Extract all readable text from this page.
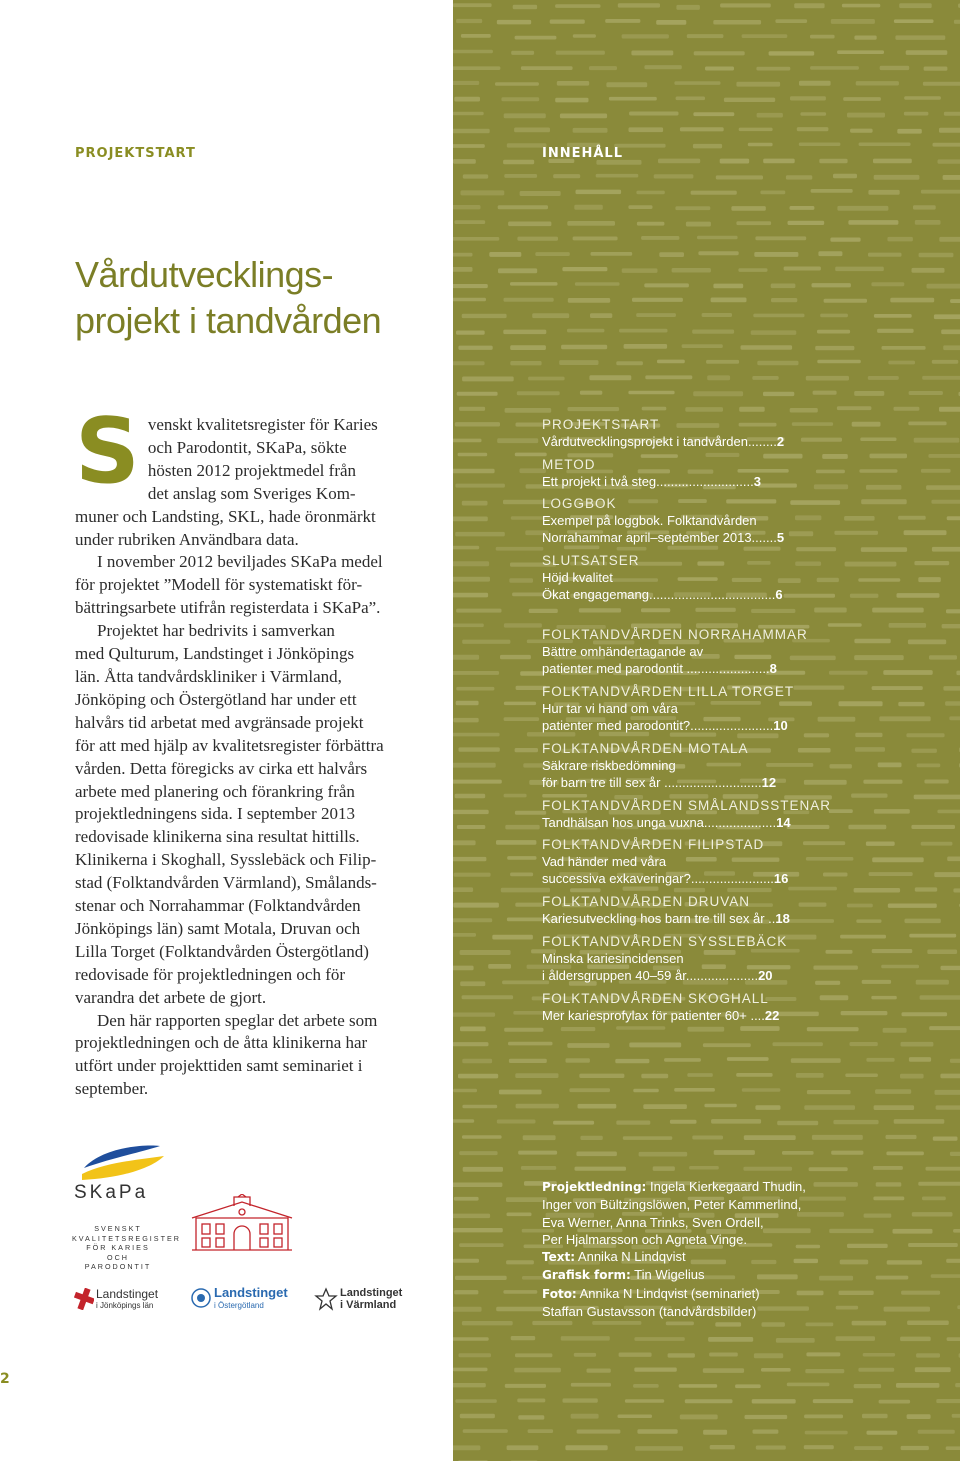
PROJEKTSTART
Vårdutvecklings-
projekt i tandvården
S venskt kvalitetsregister för Karies
och Parodontit, SKaPa, sökte
hösten 2012 projektmedel från
det anslag som Sveriges Kom-
muner och Landsting, SKL, hade öronmärkt
under rubriken Användbara data.
I november 2012 beviljades SKaPa medel
för projektet ”Modell för systematiskt för-
bättringsarbete utifrån registerdata i SKaPa”.
Projektet har bedrivits i samverkan
med Qulturum, Landstinget i Jönköpings
län. Åtta tandvårdskliniker i Värmland,
Jönköping och Östergötland har under ett
halvårs tid arbetat med avgränsade projekt
för att med hjälp av kvalitetsregister förbättra
vården. Detta föregicks av cirka ett halvårs
arbete med planering och förankring från
projektledningens sida. I september 2013
redovisade klinikerna sina resultat hittills.
Klinikerna i Skoghall, Sysslebäck och Filip-
stad (Folktandvården Värmland), Smålands-
stenar och Norrahammar (Folktandvården
Jönköpings län) samt Motala, Druvan och
Lilla Torget (Folktandvården Östergötland)
redovisade för projektledningen och för
varandra det arbete de gjort.
Den här rapporten speglar det arbete som
projektledningen och de åtta klinikerna har
utfört under projekttiden samt seminariet i
september.
SKaPa
SVENSKT
KVALITETSREGISTER
FÖR KARIES
OCH PARODONTIT
Landstinget
i Jönköpings län
Landstinget
i Östergötland
Landstinget
i Värmland
2
INNEHÅLL
PROJEKTSTART
Vårdutvecklingsprojekt i tandvården........2
METOD
Ett projekt i två steg...........................3
LOGGBOK
Exempel på loggbok. Folktandvården
Norrahammar april–september 2013.......5
SLUTSATSER
Höjd kvalitet
Ökat engagemang...................................6
FOLKTANDVÅRDEN NORRAHAMMAR
Bättre omhändertagande av
patienter med parodontit .......................8
FOLKTANDVÅRDEN LILLA TORGET
Hur tar vi hand om våra
patienter med parodontit?.......................10
FOLKTANDVÅRDEN MOTALA
Säkrare riskbedömning
för barn tre till sex år ...........................12
FOLKTANDVÅRDEN SMÅLANDSSTENAR
Tandhälsan hos unga vuxna....................14
FOLKTANDVÅRDEN FILIPSTAD
Vad händer med våra
successiva exkaveringar?.......................16
FOLKTANDVÅRDEN DRUVAN
Kariesutveckling hos barn tre till sex år ..18
FOLKTANDVÅRDEN SYSSLEBÄCK
Minska kariesincidensen
i åldersgruppen 40–59 år....................20
FOLKTANDVÅRDEN SKOGHALL
Mer kariesprofylax för patienter 60+ ....22
Projektledning: Ingela Kierkegaard Thudin,
Inger von Bültzingslöwen, Peter Kammerlind,
Eva Werner, Anna Trinks, Sven Ordell,
Per Hjalmarsson och Agneta Vinge.
Text: Annika N Lindqvist
Grafisk form: Tin Wigelius
Foto: Annika N Lindqvist (seminariet)
Staffan Gustavsson (tandvårdsbilder)
